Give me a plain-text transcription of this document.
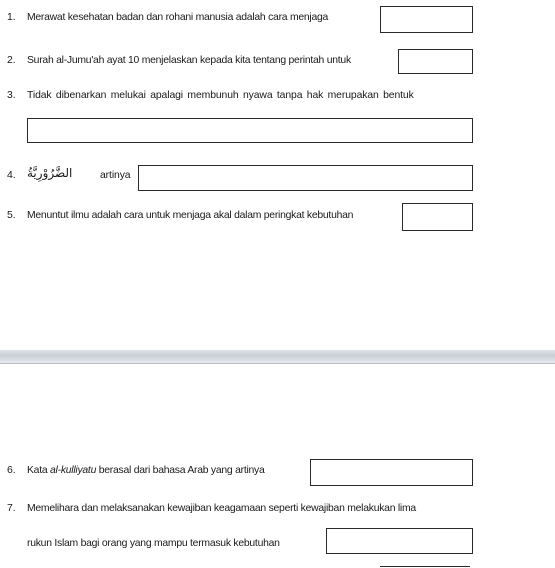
1. Merawat kesehatan badan dan rohani manusia adalah cara menjaga
2. Surah al-Jumu'ah ayat 10 menjelaskan kepada kita tentang perintah untuk
3. Tidak dibenarkan melukai apalagi membunuh nyawa tanpa hak merupakan bentuk
4. الضَّرُوْرِيَّةُ	artinya
5. Menuntut ilmu adalah cara untuk menjaga akal dalam peringkat kebutuhan
6. Kata al-kulliyatu berasal dari bahasa Arab yang artinya
7. Memelihara dan melaksanakan kewajiban keagamaan seperti kewajiban melakukan lima
rukun Islam bagi orang yang mampu termasuk kebutuhan
